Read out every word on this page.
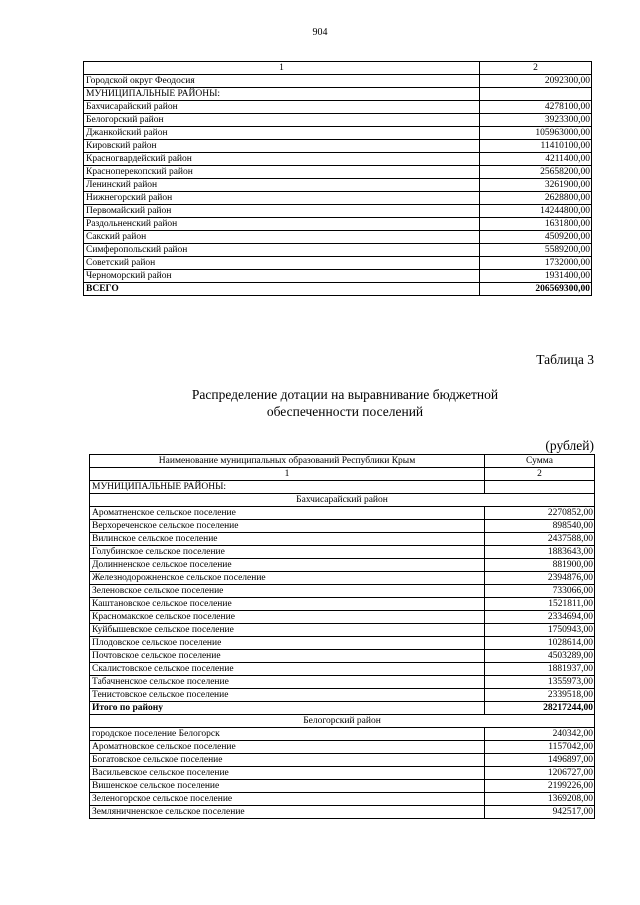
904
1	2
Городской округ Феодосия	2092300,00
МУНИЦИПАЛЬНЫЕ РАЙОНЫ:	
Бахчисарайский район	4278100,00
Белогорский район	3923300,00
Джанкойский район	105963000,00
Кировский район	11410100,00
Красногвардейский район	4211400,00
Красноперекопский район	25658200,00
Ленинский район	3261900,00
Нижнегорский район	2628800,00
Первомайский район	14244800,00
Раздольненский район	1631800,00
Сакский район	4509200,00
Симферопольский район	5589200,00
Советский район	1732000,00
Черноморский район	1931400,00
ВСЕГО	206569300,00
Таблица 3
Распределение дотации на выравнивание бюджетной
обеспеченности поселений
(рублей)
Наименование муниципальных образований Республики Крым	Сумма
1	2
МУНИЦИПАЛЬНЫЕ РАЙОНЫ:	
Бахчисарайский район	
Ароматненское сельское поселение	2270852,00
Верхореченское сельское поселение	898540,00
Вилинское сельское поселение	2437588,00
Голубинское сельское поселение	1883643,00
Долинненское сельское поселение	881900,00
Железнодорожненское сельское поселение	2394876,00
Зеленовское сельское поселение	733066,00
Каштановское сельское поселение	1521811,00
Красномакское сельское поселение	2334694,00
Куйбышевское сельское поселение	1750943,00
Плодовское сельское поселение	1028614,00
Почтовское сельское поселение	4503289,00
Скалистовское сельское поселение	1881937,00
Табачненское сельское поселение	1355973,00
Тенистовское сельское поселение	2339518,00
Итого по району	28217244,00
Белогорский район	
городское поселение Белогорск	240342,00
Ароматновское сельское поселение	1157042,00
Богатовское сельское поселение	1496897,00
Васильевское сельское поселение	1206727,00
Вишенское сельское поселение	2199226,00
Зеленогорское сельское поселение	1369208,00
Земляничненское сельское поселение	942517,00
